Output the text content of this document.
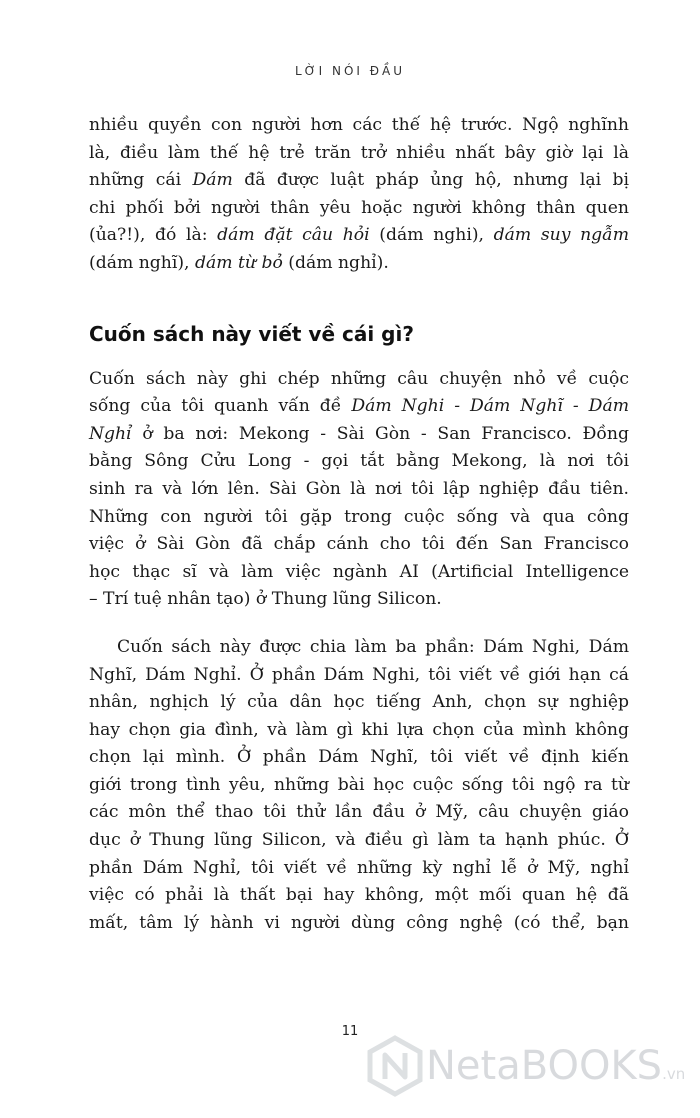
LỜI NÓI ĐẦU

nhiều quyền con người hơn các thế hệ trước. Ngộ nghĩnh
là, điều làm thế hệ trẻ trăn trở nhiều nhất bây giờ lại là
những cái Dám đã được luật pháp ủng hộ, nhưng lại bị
chi phối bởi người thân yêu hoặc người không thân quen
(ủa?!), đó là: dám đặt câu hỏi (dám nghi), dám suy ngẫm
(dám nghĩ), dám từ bỏ (dám nghỉ).

Cuốn sách này viết về cái gì?

Cuốn sách này ghi chép những câu chuyện nhỏ về cuộc
sống của tôi quanh vấn đề Dám Nghi - Dám Nghĩ - Dám
Nghỉ ở ba nơi: Mekong - Sài Gòn - San Francisco. Đồng
bằng Sông Cửu Long - gọi tắt bằng Mekong, là nơi tôi
sinh ra và lớn lên. Sài Gòn là nơi tôi lập nghiệp đầu tiên.
Những con người tôi gặp trong cuộc sống và qua công
việc ở Sài Gòn đã chắp cánh cho tôi đến San Francisco
học thạc sĩ và làm việc ngành AI (Artificial Intelligence
– Trí tuệ nhân tạo) ở Thung lũng Silicon.

Cuốn sách này được chia làm ba phần: Dám Nghi, Dám
Nghĩ, Dám Nghỉ. Ở phần Dám Nghi, tôi viết về giới hạn cá
nhân, nghịch lý của dân học tiếng Anh, chọn sự nghiệp
hay chọn gia đình, và làm gì khi lựa chọn của mình không
chọn lại mình. Ở phần Dám Nghĩ, tôi viết về định kiến
giới trong tình yêu, những bài học cuộc sống tôi ngộ ra từ
các môn thể thao tôi thử lần đầu ở Mỹ, câu chuyện giáo
dục ở Thung lũng Silicon, và điều gì làm ta hạnh phúc. Ở
phần Dám Nghỉ, tôi viết về những kỳ nghỉ lễ ở Mỹ, nghỉ
việc có phải là thất bại hay không, một mối quan hệ đã
mất, tâm lý hành vi người dùng công nghệ (có thể, bạn

11
NetaBOOKS.vn
